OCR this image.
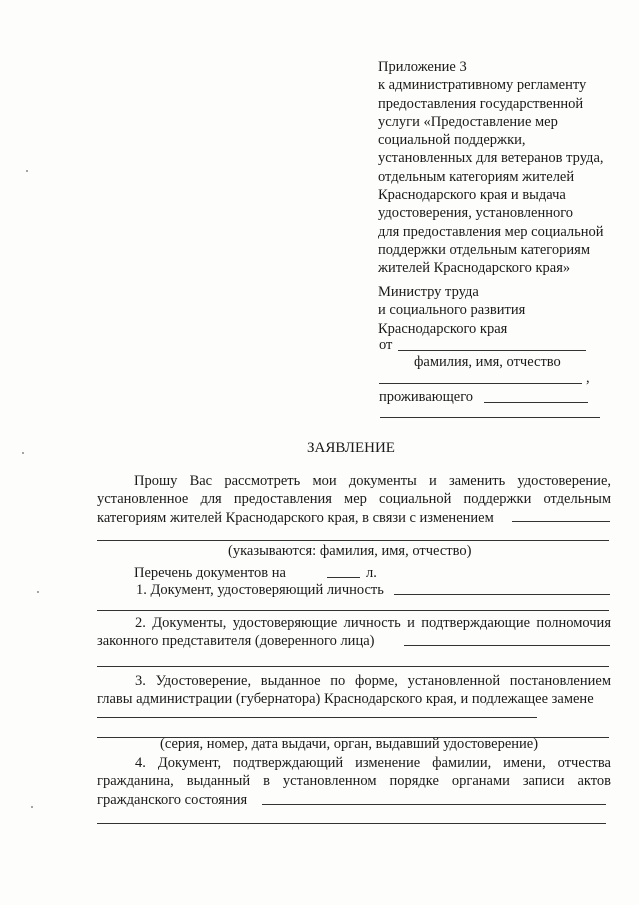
Приложение 3
к административному регламенту
предоставления государственной
услуги «Предоставление мер
социальной поддержки,
установленных для ветеранов труда,
отдельным категориям жителей
Краснодарского края и выдача
удостоверения, установленного
для предоставления мер социальной
поддержки отдельным категориям
жителей Краснодарского края»
Министру труда
и социального развития
Краснодарского края
от
фамилия, имя, отчество
,
проживающего
ЗАЯВЛЕНИЕ
Прошу Вас рассмотреть мои документы и заменить удостоверение,
установленное для предоставления мер социальной поддержки отдельным
категориям жителей Краснодарского края, в связи с изменением
(указываются: фамилия, имя, отчество)
Перечень документов на	л.
1. Документ, удостоверяющий личность
2. Документы, удостоверяющие личность и подтверждающие полномочия
законного представителя (доверенного лица)
3. Удостоверение, выданное по форме, установленной постановлением
главы администрации (губернатора) Краснодарского края, и подлежащее замене
(серия, номер, дата выдачи, орган, выдавший удостоверение)
4. Документ, подтверждающий изменение фамилии, имени, отчества
гражданина, выданный в установленном порядке органами записи актов
гражданского состояния
